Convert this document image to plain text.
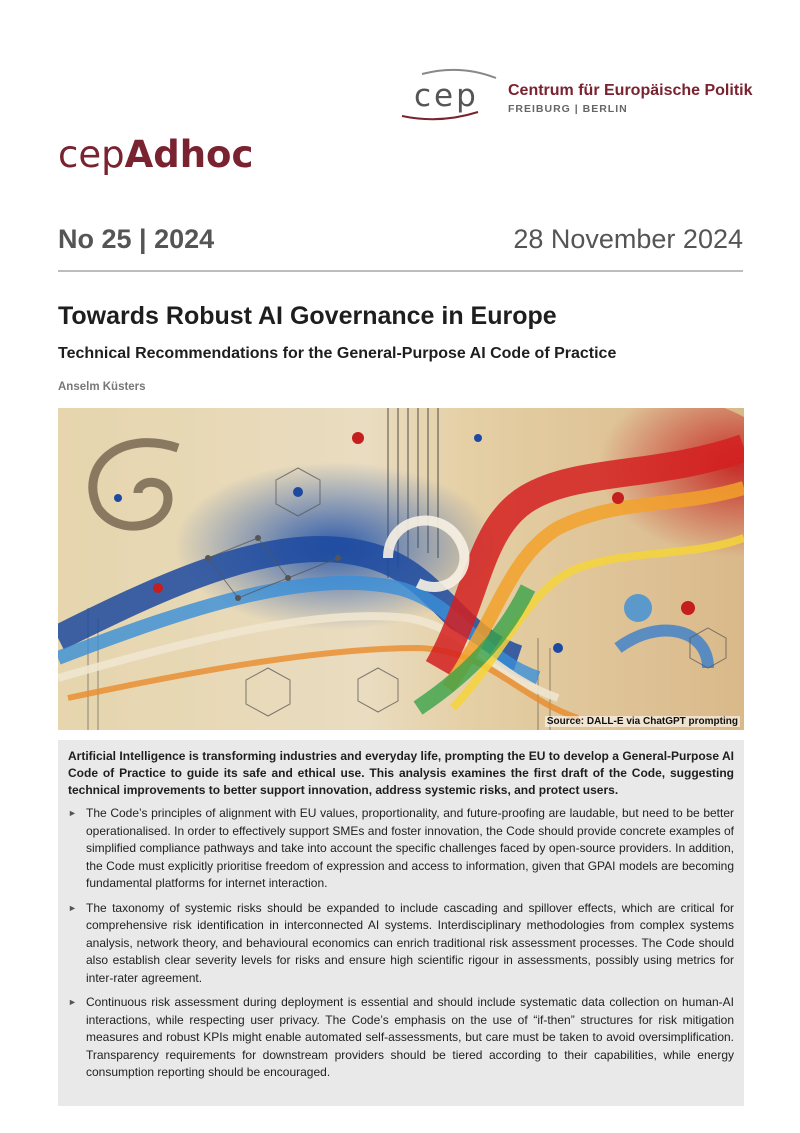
cep Centrum für Europäische Politik
FREIBURG | BERLIN
cepAdhoc
No 25 | 2024	28 November 2024
Towards Robust AI Governance in Europe
Technical Recommendations for the General-Purpose AI Code of Practice
Anselm Küsters
Source: DALL-E via ChatGPT prompting

Artificial Intelligence is transforming industries and everyday life, prompting the EU to develop a General-Purpose AI Code of Practice to guide its safe and ethical use. This analysis examines the first draft of the Code, suggesting technical improvements to better support innovation, address systemic risks, and protect users.

► The Code’s principles of alignment with EU values, proportionality, and future-proofing are laudable, but need to be better operationalised. In order to effectively support SMEs and foster innovation, the Code should provide concrete examples of simplified compliance pathways and take into account the specific challenges faced by open-source providers. In addition, the Code must explicitly prioritise freedom of expression and access to information, given that GPAI models are becoming fundamental platforms for internet interaction.
► The taxonomy of systemic risks should be expanded to include cascading and spillover effects, which are critical for comprehensive risk identification in interconnected AI systems. Interdisciplinary methodologies from complex systems analysis, network theory, and behavioural economics can enrich traditional risk assessment processes. The Code should also establish clear severity levels for risks and ensure high scientific rigour in assessments, possibly using metrics for inter-rater agreement.
► Continuous risk assessment during deployment is essential and should include systematic data collection on human-AI interactions, while respecting user privacy. The Code’s emphasis on the use of “if-then” structures for risk mitigation measures and robust KPIs might enable automated self-assessments, but care must be taken to avoid oversimplification. Transparency requirements for downstream providers should be tiered according to their capabilities, while energy consumption reporting should be encouraged.
